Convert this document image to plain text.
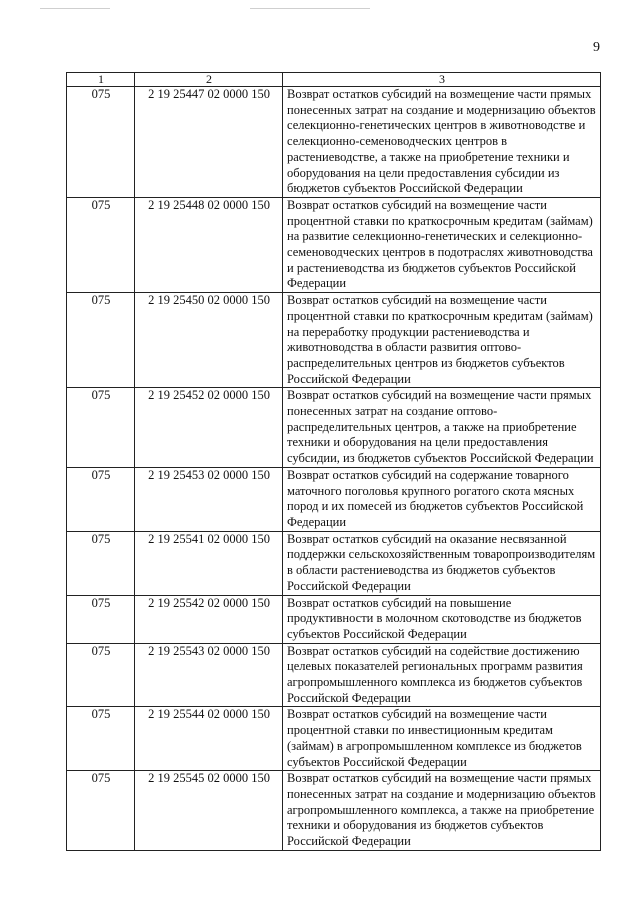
9
1	2	3
075	2 19 25447 02 0000 150	Возврат остатков субсидий на возмещение части прямых понесенных затрат на создание и модернизацию объектов селекционно-генетических центров в животноводстве и селекционно-семеноводческих центров в растениеводстве, а также на приобретение техники и оборудования на цели предоставления субсидии из бюджетов субъектов Российской Федерации
075	2 19 25448 02 0000 150	Возврат остатков субсидий на возмещение части процентной ставки по краткосрочным кредитам (займам) на развитие селекционно-генетических и селекционно-семеноводческих центров в подотраслях животноводства и растениеводства из бюджетов субъектов Российской Федерации
075	2 19 25450 02 0000 150	Возврат остатков субсидий на возмещение части процентной ставки по краткосрочным кредитам (займам) на переработку продукции растениеводства и животноводства в области развития оптово-распределительных центров из бюджетов субъектов Российской Федерации
075	2 19 25452 02 0000 150	Возврат остатков субсидий на возмещение части прямых понесенных затрат на создание оптово-распределительных центров, а также на приобретение техники и оборудования на цели предоставления субсидии, из бюджетов субъектов Российской Федерации
075	2 19 25453 02 0000 150	Возврат остатков субсидий на содержание товарного маточного поголовья крупного рогатого скота мясных пород и их помесей из бюджетов субъектов Российской Федерации
075	2 19 25541 02 0000 150	Возврат остатков субсидий на оказание несвязанной поддержки сельскохозяйственным товаропроизводителям в области растениеводства из бюджетов субъектов Российской Федерации
075	2 19 25542 02 0000 150	Возврат остатков субсидий на повышение продуктивности в молочном скотоводстве из бюджетов субъектов Российской Федерации
075	2 19 25543 02 0000 150	Возврат остатков субсидий на содействие достижению целевых показателей региональных программ развития агропромышленного комплекса из бюджетов субъектов Российской Федерации
075	2 19 25544 02 0000 150	Возврат остатков субсидий на возмещение части процентной ставки по инвестиционным кредитам (займам) в агропромышленном комплексе из бюджетов субъектов Российской Федерации
075	2 19 25545 02 0000 150	Возврат остатков субсидий на возмещение части прямых понесенных затрат на создание и модернизацию объектов агропромышленного комплекса, а также на приобретение техники и оборудования из бюджетов субъектов Российской Федерации
